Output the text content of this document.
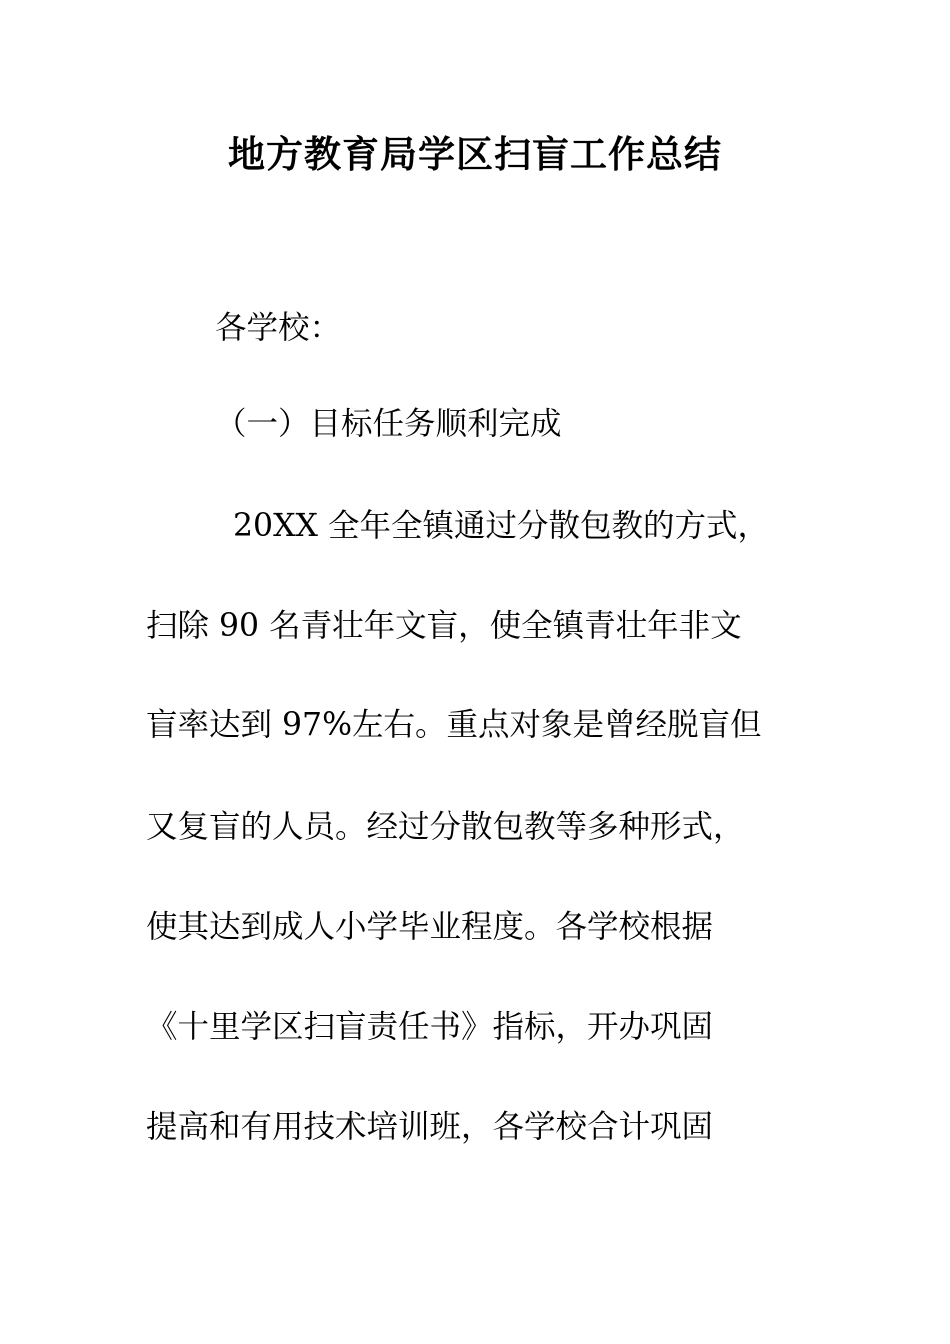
地方教育局学区扫盲工作总结
各学校：
（一）目标任务顺利完成
20XX 全年全镇通过分散包教的方式，
扫除 90 名青壮年文盲，使全镇青壮年非文
盲率达到 97%左右。重点对象是曾经脱盲但
又复盲的人员。经过分散包教等多种形式，
使其达到成人小学毕业程度。各学校根据
《十里学区扫盲责任书》指标，开办巩固
提高和有用技术培训班，各学校合计巩固
